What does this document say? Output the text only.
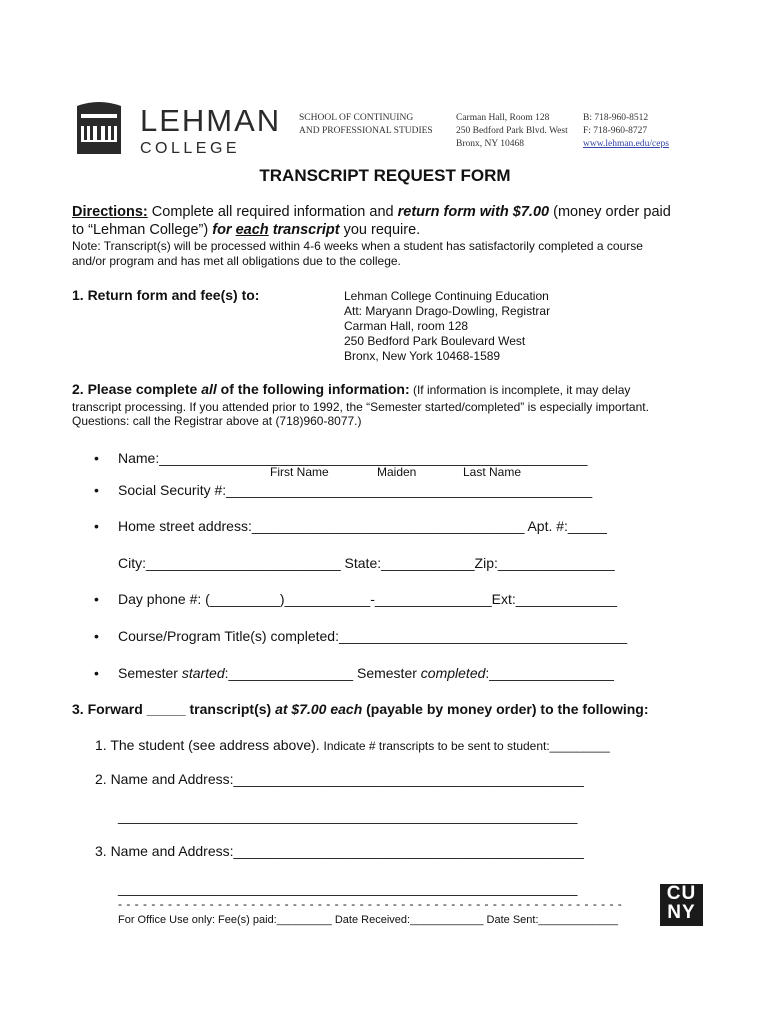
LEHMAN
COLLEGE
SCHOOL OF CONTINUING
AND PROFESSIONAL STUDIES
Carman Hall, Room 128
250 Bedford Park Blvd. West
Bronx, NY 10468
B: 718-960-8512
F: 718-960-8727
www.lehman.edu/ceps
TRANSCRIPT REQUEST FORM
Directions: Complete all required information and return form with $7.00 (money order paid
to “Lehman College”) for each transcript you require.
Note: Transcript(s) will be processed within 4-6 weeks when a student has satisfactorily completed a course
and/or program and has met all obligations due to the college.
1. Return form and fee(s) to:	Lehman College Continuing Education
Att: Maryann Drago-Dowling, Registrar
Carman Hall, room 128
250 Bedford Park Boulevard West
Bronx, New York 10468-1589
2. Please complete all of the following information: (If information is incomplete, it may delay
transcript processing. If you attended prior to 1992, the “Semester started/completed” is especially important.
Questions: call the Registrar above at (718)960-8077.)
• Name:_______________________________________________________
First Name	Maiden	Last Name
• Social Security #:_______________________________________________
• Home street address:___________________________________ Apt. #:_____
City:_________________________ State:____________Zip:_______________
• Day phone #: (_________)___________-_______________Ext:_____________
• Course/Program Title(s) completed:_____________________________________
• Semester started:________________ Semester completed:________________
3. Forward _____ transcript(s) at $7.00 each (payable by money order) to the following:
1. The student (see address above). Indicate # transcripts to be sent to student:_________
2. Name and Address:_____________________________________________
___________________________________________________________
3. Name and Address:_____________________________________________
___________________________________________________________
- - - - - - - - - - - - - - - - - - - - - - - - - - - - - - - - - - - - - - - - - - - - - - - - - - - - - - - - - - - - -
For Office Use only: Fee(s) paid:_________ Date Received:____________ Date Sent:_____________
CU
NY
